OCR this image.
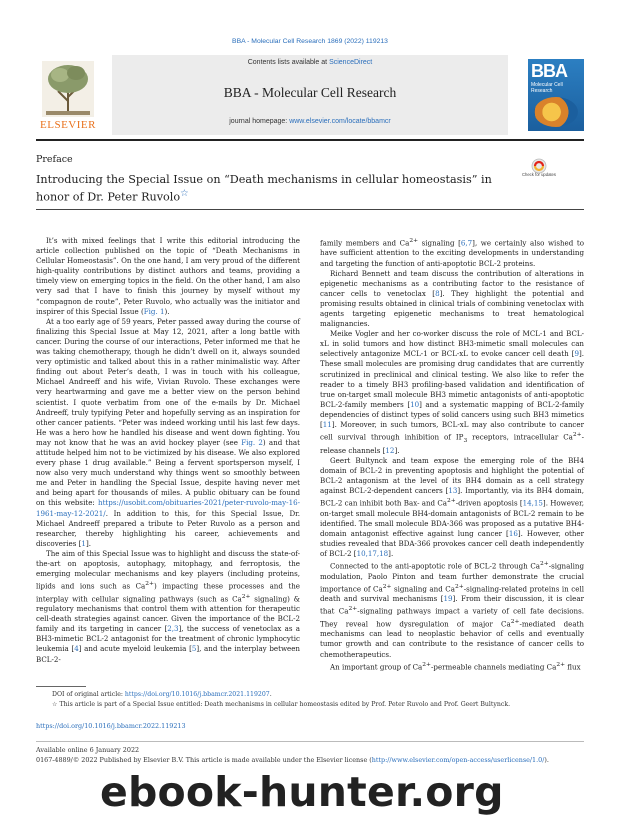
BBA - Molecular Cell Research 1869 (2022) 119213
ELSEVIER
Contents lists available at ScienceDirect
BBA - Molecular Cell Research
journal homepage: www.elsevier.com/locate/bbamcr
BBA
Molecular Cell
Research
Preface
Introducing the Special Issue on “Death mechanisms in cellular homeostasis” in honor of Dr. Peter Ruvolo☆
Check for updates

It’s with mixed feelings that I write this editorial introducing the article collection published on the topic of “Death Mechanisms in Cellular Homeostasis”. On the one hand, I am very proud of the different high-quality contributions by distinct authors and teams, providing a timely view on emerging topics in the field. On the other hand, I am also very sad that I have to finish this journey by myself without my “compagnon de route”, Peter Ruvolo, who actually was the initiator and inspirer of this Special Issue (Fig. 1).

At a too early age of 59 years, Peter passed away during the course of finalizing this Special Issue at May 12, 2021, after a long battle with cancer. During the course of our interactions, Peter informed me that he was taking chemotherapy, though he didn’t dwell on it, always sounded very optimistic and talked about this in a rather minimalistic way. After finding out about Peter’s death, I was in touch with his colleague, Michael Andreeff and his wife, Vivian Ruvolo. These exchanges were very heartwarming and gave me a better view on the person behind scientist. I quote verbatim from one of the e-mails by Dr. Michael Andreeff, truly typifying Peter and hopefully serving as an inspiration for other cancer patients. “Peter was indeed working until his last few days. He was a hero how he handled his disease and went down fighting. You may not know that he was an avid hockey player (see Fig. 2) and that attitude helped him not to be victimized by his disease. We also explored every phase 1 drug available.” Being a fervent sportsperson myself, I now also very much understand why things went so smoothly between me and Peter in handling the Special Issue, despite having never met and being apart for thousands of miles. A public obituary can be found on this website: https://usobit.com/obituaries-2021/peter-ruvolo-may-16-1961-may-12-2021/. In addition to this, for this Special Issue, Dr. Michael Andreeff prepared a tribute to Peter Ruvolo as a person and researcher, thereby highlighting his career, achievements and discoveries [1].

The aim of this Special Issue was to highlight and discuss the state-of-the-art on apoptosis, autophagy, mitophagy, and ferroptosis, the emerging molecular mechanisms and key players (including proteins, lipids and ions such as $Ca^{2+}$) impacting these processes and the interplay with cellular signaling pathways (such as $Ca^{2+}$ signaling) & regulatory mechanisms that control them with attention for therapeutic cell-death strategies against cancer. Given the importance of the BCL-2 family and its targeting in cancer [2,3], the success of venetoclax as a BH3-mimetic BCL-2 antagonist for the treatment of chronic lymphocytic leukemia [4] and acute myeloid leukemia [5], and the interplay between BCL-2-

family members and $Ca^{2+}$ signaling [6,7], we certainly also wished to have sufficient attention to the exciting developments in understanding and targeting the function of anti-apoptotic BCL-2 proteins.

Richard Bennett and team discuss the contribution of alterations in epigenetic mechanisms as a contributing factor to the resistance of cancer cells to venetoclax [8]. They highlight the potential and promising results obtained in clinical trials of combining venetoclax with agents targeting epigenetic mechanisms to treat hematological malignancies.

Meike Vogler and her co-worker discuss the role of MCL-1 and BCL-xL in solid tumors and how distinct BH3-mimetic small molecules can selectively antagonize MCL-1 or BCL-xL to evoke cancer cell death [9]. These small molecules are promising drug candidates that are currently scrutinized in preclinical and clinical testing. We also like to refer the reader to a timely BH3 profiling-based validation and identification of true on-target small molecule BH3 mimetic antagonists of anti-apoptotic BCL-2-family members [10] and a systematic mapping of BCL-2-family dependencies of distinct types of solid cancers using such BH3 mimetics [11]. Moreover, in such tumors, BCL-xL may also contribute to cancer cell survival through inhibition of $IP_3$ receptors, intracellular $Ca^{2+}$-release channels [12].

Geert Bultynck and team expose the emerging role of the BH4 domain of BCL-2 in preventing apoptosis and highlight the potential of BCL-2 antagonism at the level of its BH4 domain as a cell strategy against BCL-2-dependent cancers [13]. Importantly, via its BH4 domain, BCL-2 can inhibit both Bax- and $Ca^{2+}$-driven apoptosis [14,15]. However, on-target small molecule BH4-domain antagonists of BCL-2 remain to be identified. The small molecule BDA-366 was proposed as a putative BH4-domain antagonist effective against lung cancer [16]. However, other studies revealed that BDA-366 provokes cancer cell death independently of BCL-2 [10,17,18].

Connected to the anti-apoptotic role of BCL-2 through $Ca^{2+}$-signaling modulation, Paolo Pinton and team further demonstrate the crucial importance of $Ca^{2+}$ signaling and $Ca^{2+}-signaling$-related proteins in cell death and survival mechanisms [19]. From their discussion, it is clear that $Ca^{2+}$-signaling pathways impact a variety of cell fate decisions. They reveal how dysregulation of major $Ca^{2+}$-mediated death mechanisms can lead to neoplastic behavior of cells and eventually tumor growth and can contribute to the resistance of cancer cells to chemotherapeutics.

An important group of $Ca^{2+}$-permeable channels mediating $Ca^{2+}$ flux

DOI of original article: https://doi.org/10.1016/j.bbamcr.2021.119207.
☆ This article is part of a Special Issue entitled: Death mechanisms in cellular homeostasis edited by Prof. Peter Ruvolo and Prof. Geert Bultynck.
https://doi.org/10.1016/j.bbamcr.2022.119213
Available online 6 January 2022
0167-4889/© 2022 Published by Elsevier B.V. This article is made available under the Elsevier license (http://www.elsevier.com/open-access/userlicense/1.0/).
ebook-hunter.org
